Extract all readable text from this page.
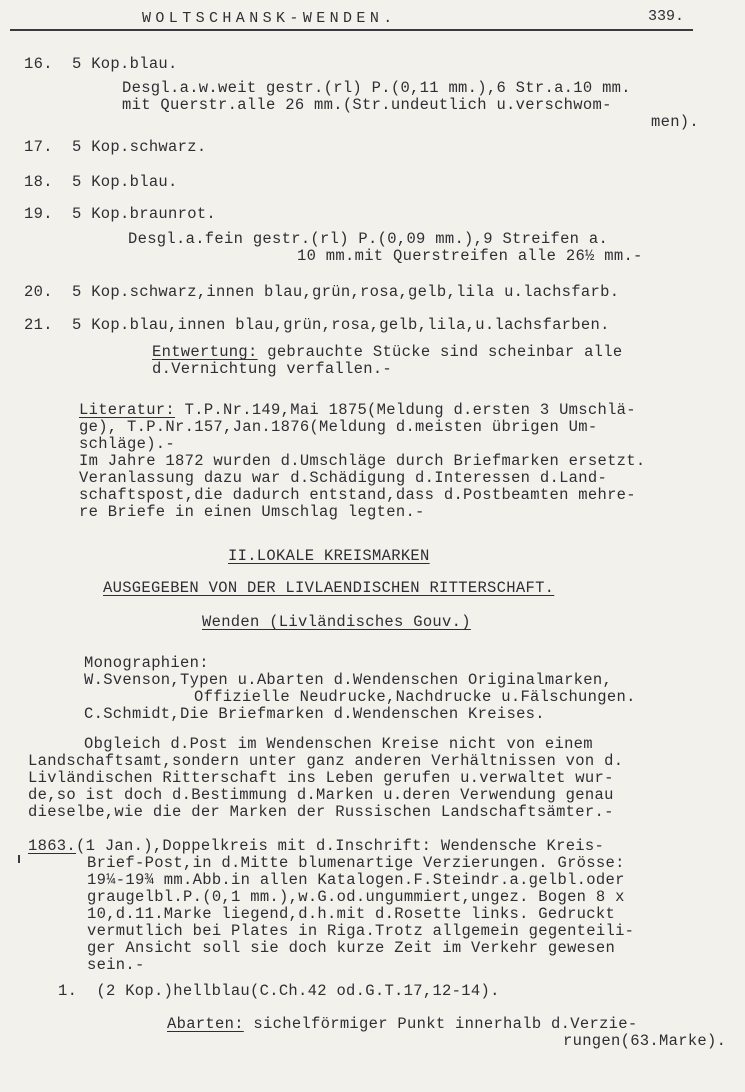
WOLTSCHANSK-WENDEN.	339.
16.  5 Kop.blau.
Desgl.a.w.weit gestr.(rl) P.(0,11 mm.),6 Str.a.10 mm.
mit Querstr.alle 26 mm.(Str.undeutlich u.verschwom-
men).
17.  5 Kop.schwarz.
18.  5 Kop.blau.
19.  5 Kop.braunrot.
Desgl.a.fein gestr.(rl) P.(0,09 mm.),9 Streifen a.
10 mm.mit Querstreifen alle 26½ mm.-
20.  5 Kop.schwarz,innen blau,grün,rosa,gelb,lila u.lachsfarb.
21.  5 Kop.blau,innen blau,grün,rosa,gelb,lila,u.lachsfarben.
Entwertung: gebrauchte Stücke sind scheinbar alle
d.Vernichtung verfallen.-
Literatur: T.P.Nr.149,Mai 1875(Meldung d.ersten 3 Umschlä-
ge), T.P.Nr.157,Jan.1876(Meldung d.meisten übrigen Um-
schläge).-
Im Jahre 1872 wurden d.Umschläge durch Briefmarken ersetzt.
Veranlassung dazu war d.Schädigung d.Interessen d.Land-
schaftspost,die dadurch entstand,dass d.Postbeamten mehre-
re Briefe in einen Umschlag legten.-
II.LOKALE KREISMARKEN
AUSGEGEBEN VON DER LIVLAENDISCHEN RITTERSCHAFT.
Wenden (Livländisches Gouv.)
Monographien:
W.Svenson,Typen u.Abarten d.Wendenschen Originalmarken,
Offizielle Neudrucke,Nachdrucke u.Fälschungen.
C.Schmidt,Die Briefmarken d.Wendenschen Kreises.
Obgleich d.Post im Wendenschen Kreise nicht von einem
Landschaftsamt,sondern unter ganz anderen Verhältnissen von d.
Livländischen Ritterschaft ins Leben gerufen u.verwaltet wur-
de,so ist doch d.Bestimmung d.Marken u.deren Verwendung genau
dieselbe,wie die der Marken der Russischen Landschaftsämter.-
1863.(1 Jan.),Doppelkreis mit d.Inschrift: Wendensche Kreis-
Brief-Post,in d.Mitte blumenartige Verzierungen. Grösse:
19¼-19¾ mm.Abb.in allen Katalogen.F.Steindr.a.gelbl.oder
graugelbl.P.(0,1 mm.),w.G.od.ungummiert,ungez. Bogen 8 x
10,d.11.Marke liegend,d.h.mit d.Rosette links. Gedruckt
vermutlich bei Plates in Riga.Trotz allgemein gegenteili-
ger Ansicht soll sie doch kurze Zeit im Verkehr gewesen
sein.-
1.  (2 Kop.)hellblau(C.Ch.42 od.G.T.17,12-14).
Abarten: sichelförmiger Punkt innerhalb d.Verzie-
rungen(63.Marke).
